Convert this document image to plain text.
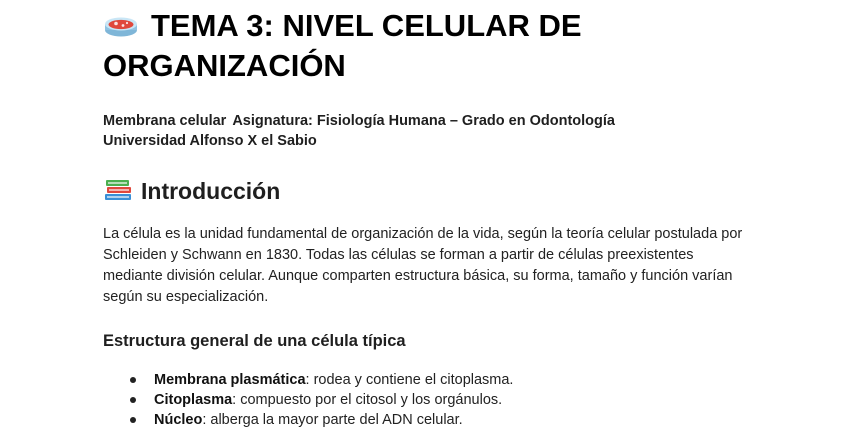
TEMA 3: NIVEL CELULAR DE ORGANIZACIÓN
Membrana celular Asignatura: Fisiología Humana – Grado en Odontología
Universidad Alfonso X el Sabio
Introducción

La célula es la unidad fundamental de organización de la vida, según la teoría celular postulada por Schleiden y Schwann en 1830. Todas las células se forman a partir de células preexistentes mediante división celular. Aunque comparten estructura básica, su forma, tamaño y función varían según su especialización.

Estructura general de una célula típica
Membrana plasmática: rodea y contiene el citoplasma.
Citoplasma: compuesto por el citosol y los orgánulos.
Núcleo: alberga la mayor parte del ADN celular.
